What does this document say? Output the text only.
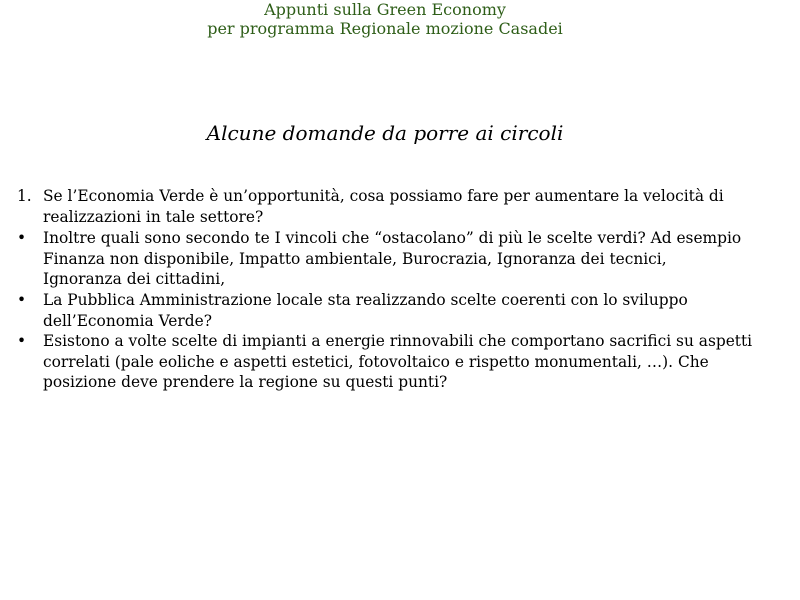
Appunti sulla Green Economy
per programma Regionale mozione Casadei
Alcune domande da porre ai circoli
1. Se l’Economia Verde è un’opportunità, cosa possiamo fare per aumentare la velocità di
realizzazioni in tale settore?
•	Inoltre quali sono secondo te I vincoli che “ostacolano” di più le scelte verdi? Ad esempio
Finanza non disponibile, Impatto ambientale, Burocrazia, Ignoranza dei tecnici,
Ignoranza dei cittadini,
•	La Pubblica Amministrazione locale sta realizzando scelte coerenti con lo sviluppo
dell’Economia Verde?
•	Esistono a volte scelte di impianti a energie rinnovabili che comportano sacrifici su aspetti
correlati (pale eoliche e aspetti estetici, fotovoltaico e rispetto monumentali, …). Che
posizione deve prendere la regione su questi punti?
